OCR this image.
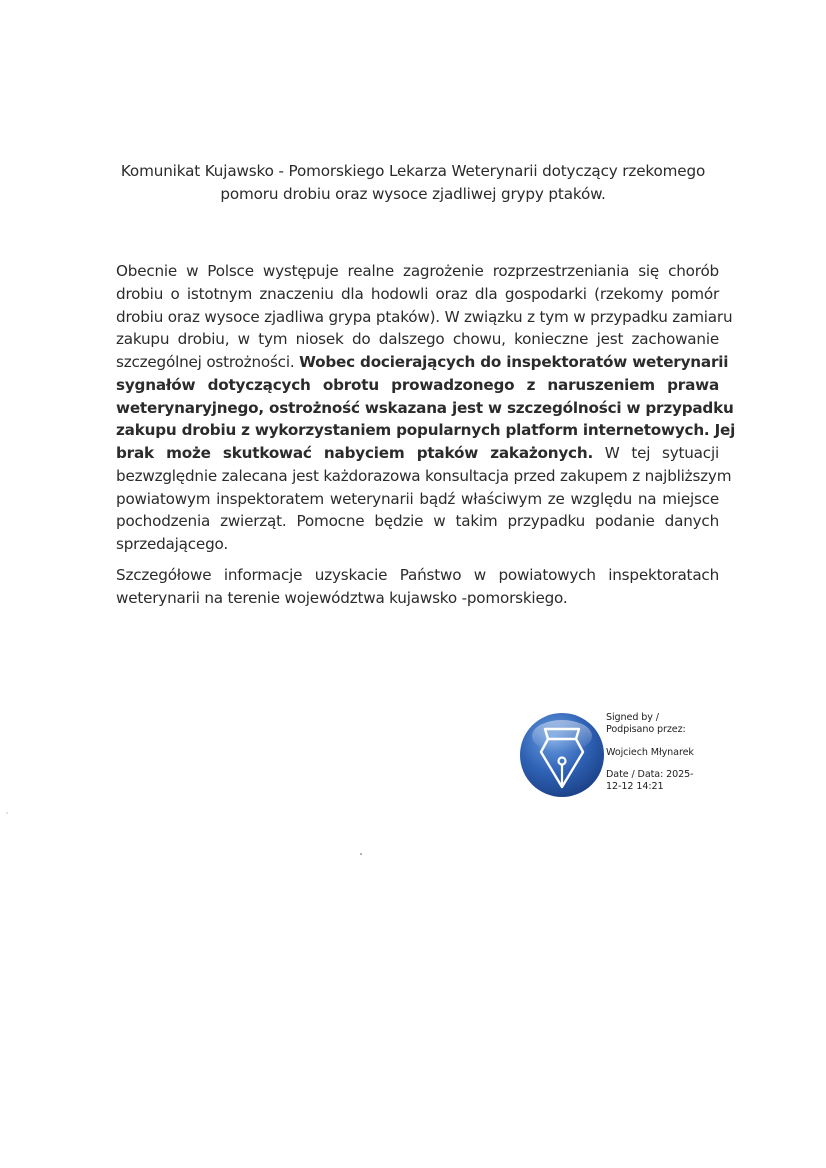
Komunikat Kujawsko - Pomorskiego Lekarza Weterynarii dotyczący rzekomego
pomoru drobiu oraz wysoce zjadliwej grypy ptaków.
Obecnie w Polsce występuje realne zagrożenie rozprzestrzeniania się chorób
drobiu o istotnym znaczeniu dla hodowli oraz dla gospodarki (rzekomy pomór
drobiu oraz wysoce zjadliwa grypa ptaków). W związku z tym w przypadku zamiaru
zakupu drobiu, w tym niosek do dalszego chowu, konieczne jest zachowanie
szczególnej ostrożności. Wobec docierających do inspektoratów weterynarii
sygnałów dotyczących obrotu prowadzonego z naruszeniem prawa
weterynaryjnego, ostrożność wskazana jest w szczególności w przypadku
zakupu drobiu z wykorzystaniem popularnych platform internetowych. Jej
brak może skutkować nabyciem ptaków zakażonych. W tej sytuacji
bezwzględnie zalecana jest każdorazowa konsultacja przed zakupem z najbliższym
powiatowym inspektoratem weterynarii bądź właściwym ze względu na miejsce
pochodzenia zwierząt. Pomocne będzie w takim przypadku podanie danych
sprzedającego.
Szczegółowe informacje uzyskacie Państwo w powiatowych inspektoratach
weterynarii na terenie województwa kujawsko -pomorskiego.
Signed by /
Podpisano przez:
Wojciech Młynarek
Date / Data: 2025-
12-12 14:21
